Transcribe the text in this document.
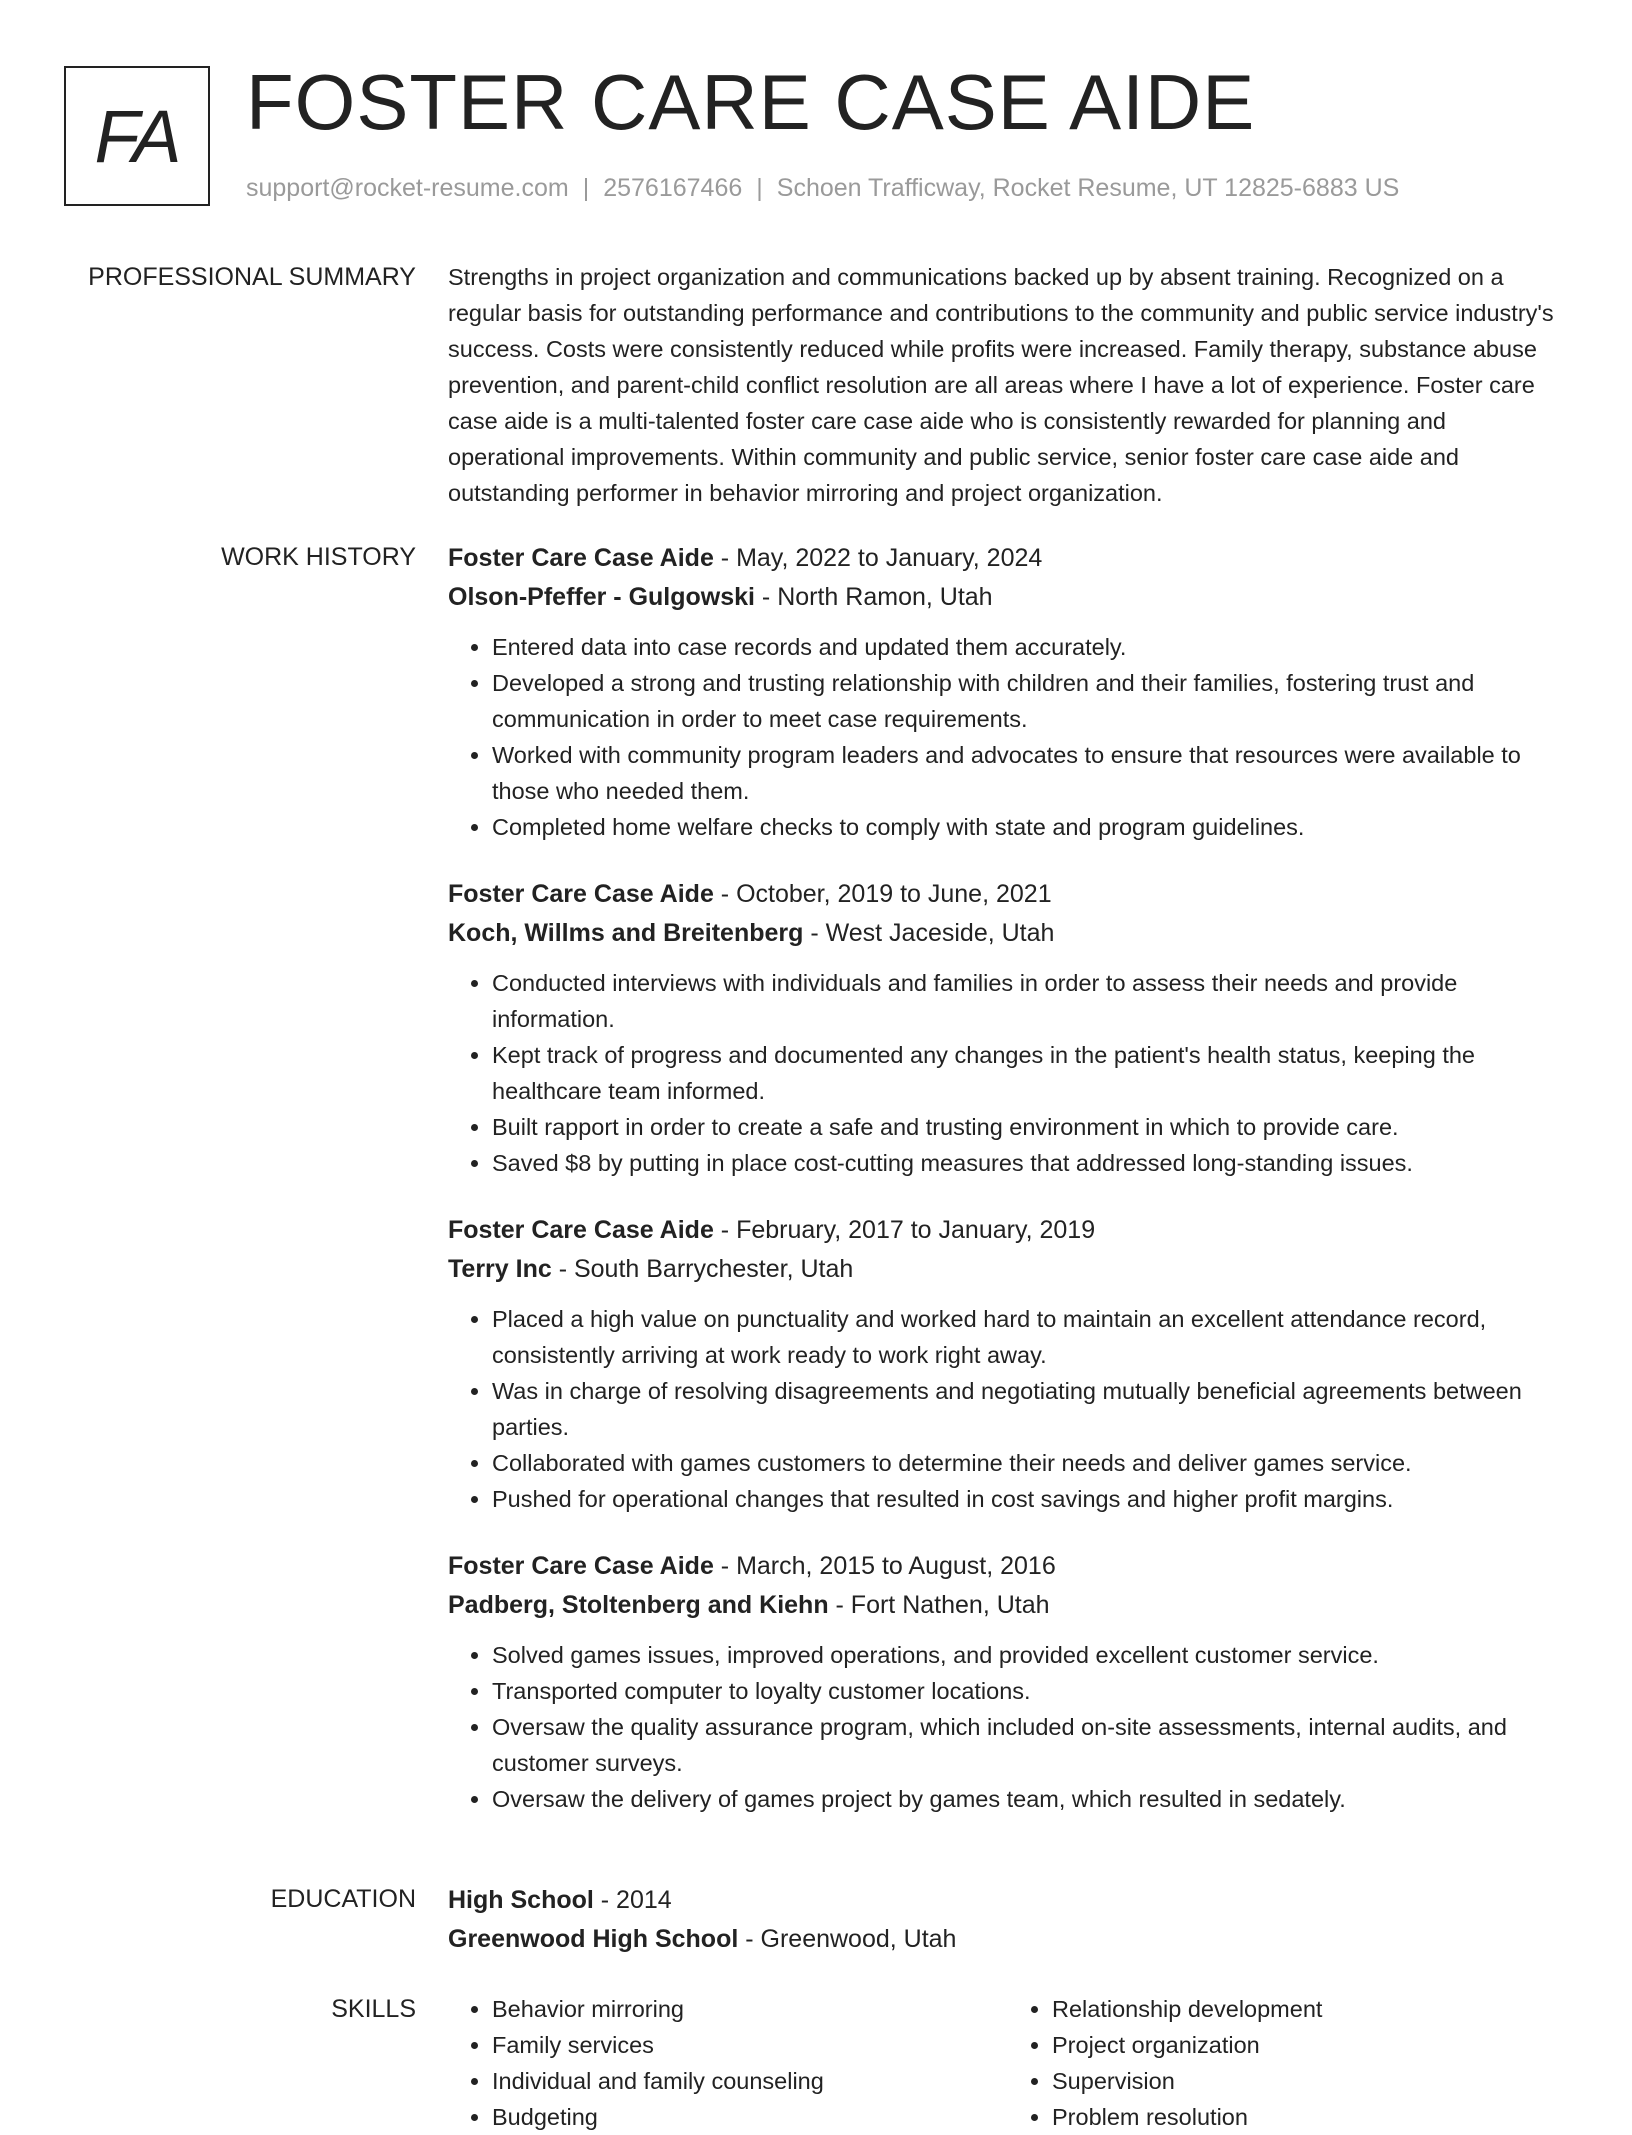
FA FOSTER CARE CASE AIDE
support@rocket-resume.com | 2576167466 | Schoen Trafficway, Rocket Resume, UT 12825-6883 US
PROFESSIONAL SUMMARY Strengths in project organization and communications backed up by absent training. Recognized on a regular basis for outstanding performance and contributions to the community and public service industry's success. Costs were consistently reduced while profits were increased. Family therapy, substance abuse prevention, and parent-child conflict resolution are all areas where I have a lot of experience. Foster care case aide is a multi-talented foster care case aide who is consistently rewarded for planning and operational improvements. Within community and public service, senior foster care case aide and outstanding performer in behavior mirroring and project organization.

WORK HISTORY Foster Care Case Aide - May, 2022 to January, 2024
Olson-Pfeffer - Gulgowski - North Ramon, Utah
• Entered data into case records and updated them accurately.
• Developed a strong and trusting relationship with children and their families, fostering trust and communication in order to meet case requirements.
• Worked with community program leaders and advocates to ensure that resources were available to those who needed them.
• Completed home welfare checks to comply with state and program guidelines.
Foster Care Case Aide - October, 2019 to June, 2021
Koch, Willms and Breitenberg - West Jaceside, Utah
• Conducted interviews with individuals and families in order to assess their needs and provide information.
• Kept track of progress and documented any changes in the patient's health status, keeping the healthcare team informed.
• Built rapport in order to create a safe and trusting environment in which to provide care.
• Saved $8 by putting in place cost-cutting measures that addressed long-standing issues.
Foster Care Case Aide - February, 2017 to January, 2019
Terry Inc - South Barrychester, Utah
• Placed a high value on punctuality and worked hard to maintain an excellent attendance record, consistently arriving at work ready to work right away.
• Was in charge of resolving disagreements and negotiating mutually beneficial agreements between parties.
• Collaborated with games customers to determine their needs and deliver games service.
• Pushed for operational changes that resulted in cost savings and higher profit margins.
Foster Care Case Aide - March, 2015 to August, 2016
Padberg, Stoltenberg and Kiehn - Fort Nathen, Utah
• Solved games issues, improved operations, and provided excellent customer service.
• Transported computer to loyalty customer locations.
• Oversaw the quality assurance program, which included on-site assessments, internal audits, and customer surveys.
• Oversaw the delivery of games project by games team, which resulted in sedately.
EDUCATION High School - 2014
Greenwood High School - Greenwood, Utah
SKILLS
•	Behavior mirroring
• Family services
• Individual and family counseling
• Budgeting
• Relationship development
• Project organization
• Supervision
• Problem resolution
